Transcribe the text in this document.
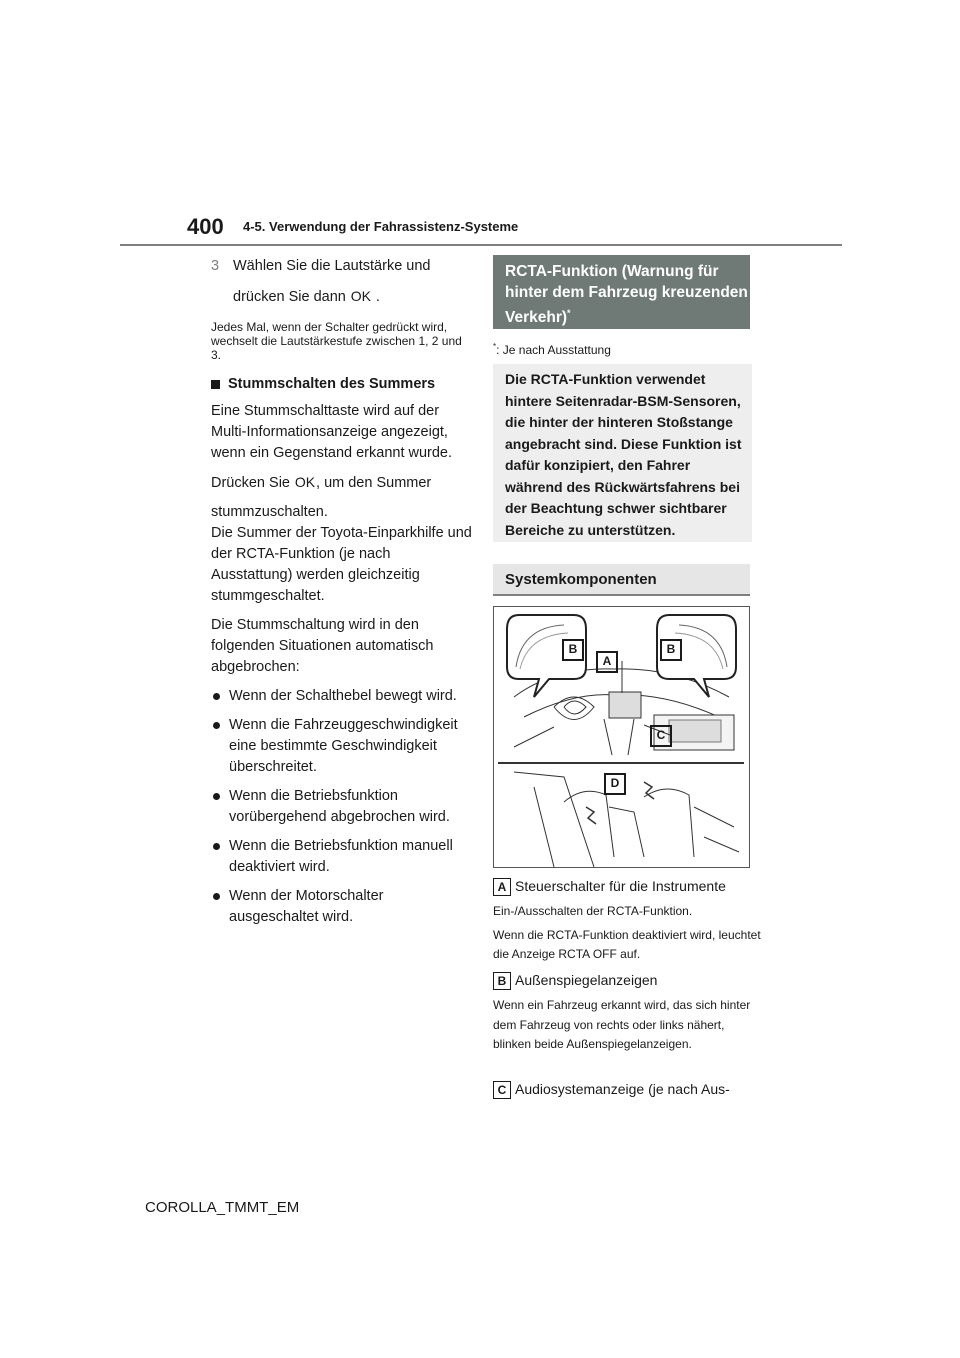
400 4-5. Verwendung der Fahrassistenz-Systeme
3 Wählen Sie die Lautstärke und
drücken Sie dann OK .

Jedes Mal, wenn der Schalter gedrückt wird, wechselt die Lautstärkestufe zwischen 1, 2 und 3.

Stummschalten des Summers

Eine Stummschalttaste wird auf der Multi-Informationsanzeige angezeigt, wenn ein Gegenstand erkannt wurde.

Drücken Sie OK, um den Summer

stummzuschalten.

Die Summer der Toyota-Einparkhilfe und der RCTA-Funktion (je nach Ausstattung) werden gleichzeitig stummgeschaltet.

Die Stummschaltung wird in den folgenden Situationen automatisch abgebrochen:

Wenn der Schalthebel bewegt wird.
Wenn die Fahrzeuggeschwindigkeit eine bestimmte Geschwindigkeit überschreitet.
Wenn die Betriebsfunktion vorübergehend abgebrochen wird.
Wenn die Betriebsfunktion manuell deaktiviert wird.
Wenn der Motorschalter ausgeschaltet wird.
RCTA-Funktion (Warnung für hinter dem Fahrzeug kreuzenden Verkehr)*
*: Je nach Ausstattung
Die RCTA-Funktion verwendet hintere Seitenradar-BSM-Sensoren, die hinter der hinteren Stoßstange angebracht sind. Diese Funktion ist dafür konzipiert, den Fahrer während des Rückwärtsfahrens bei der Beachtung schwer sichtbarer Bereiche zu unterstützen.
Systemkomponenten
B
A
B
C
D
A Steuerschalter für die Instrumente
Ein-/Ausschalten der RCTA-Funktion.
Wenn die RCTA-Funktion deaktiviert wird, leuchtet die Anzeige RCTA OFF auf.
B Außenspiegelanzeigen
Wenn ein Fahrzeug erkannt wird, das sich hinter dem Fahrzeug von rechts oder links nähert, blinken beide Außenspiegelanzeigen.
C Audiosystemanzeige (je nach Aus-
COROLLA_TMMT_EM
